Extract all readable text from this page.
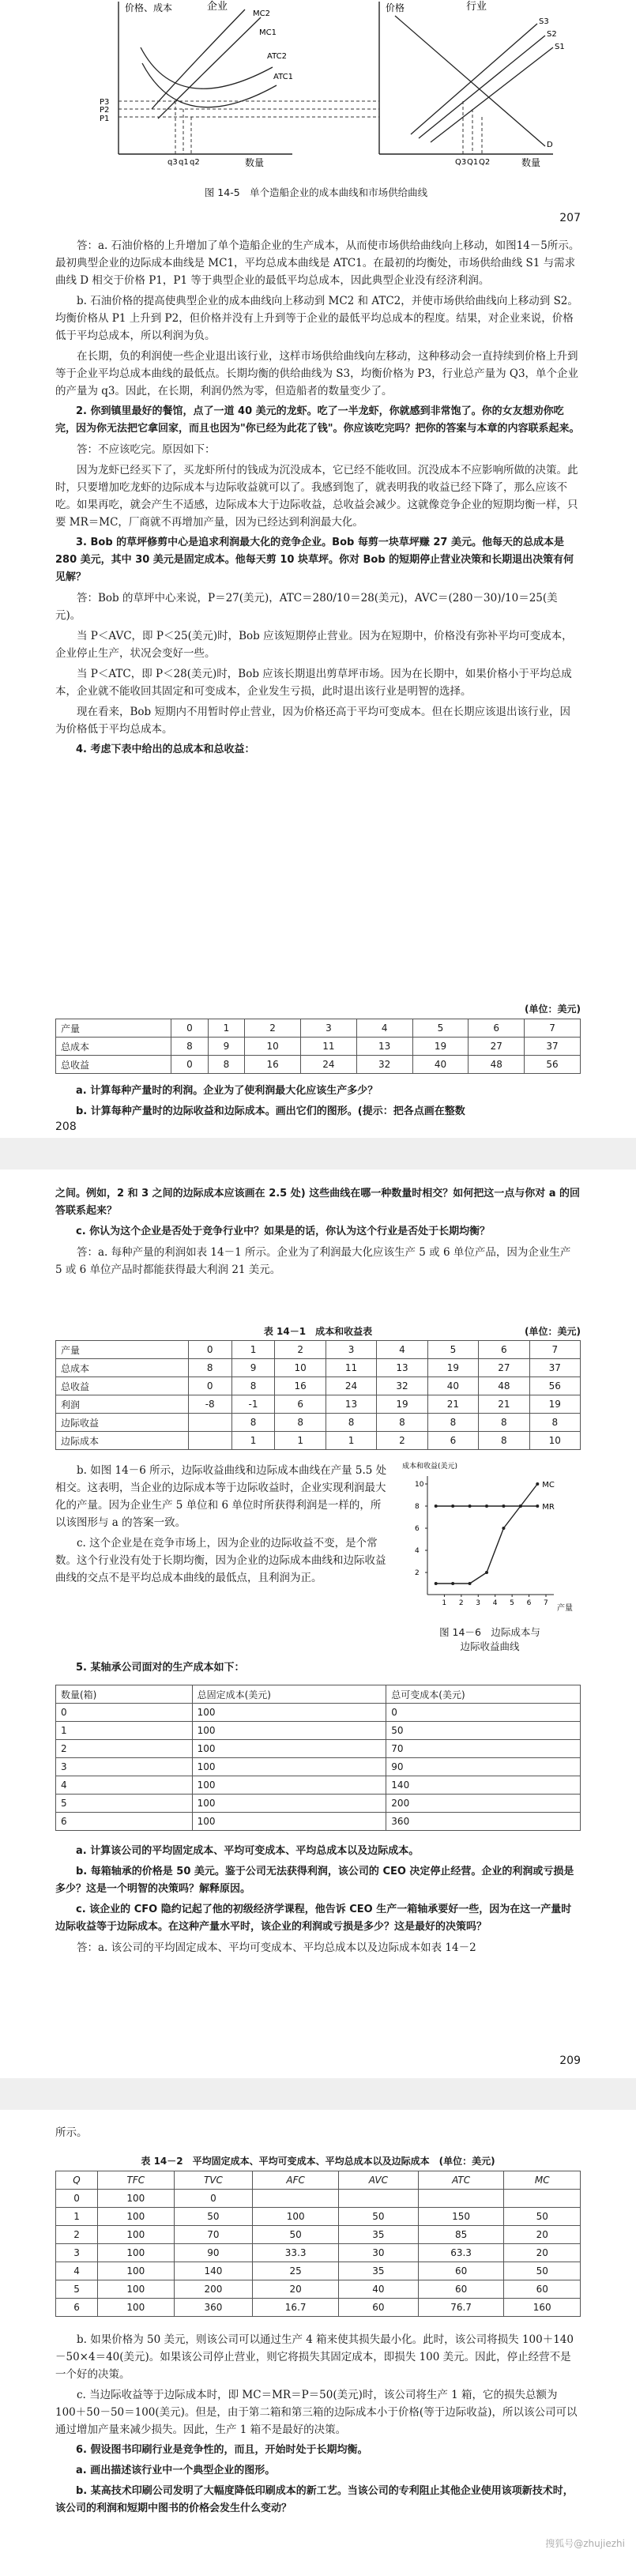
价格、成本	企业
MC2
MC1
ATC2
ATC1
P3
P2
P1
q3 q1 q2	数量
价格	行业
S3
S2
S1
D
Q3 Q1 Q2	数量
图 14-5　单个造船企业的成本曲线和市场供给曲线
207

答：a. 石油价格的上升增加了单个造船企业的生产成本，从而使市场供给曲线向上移动，如图14－5所示。最初典型企业的边际成本曲线是 MC1，平均总成本曲线是 ATC1。在最初的均衡处，市场供给曲线 S1 与需求曲线 D 相交于价格 P1，P1 等于典型企业的最低平均总成本，因此典型企业没有经济利润。

b. 石油价格的提高使典型企业的成本曲线向上移动到 MC2 和 ATC2，并使市场供给曲线向上移动到 S2。均衡价格从 P1 上升到 P2，但价格并没有上升到等于企业的最低平均总成本的程度。结果，对企业来说，价格低于平均总成本，所以利润为负。

在长期，负的利润使一些企业退出该行业，这样市场供给曲线向左移动，这种移动会一直持续到价格上升到等于企业平均总成本曲线的最低点。长期均衡的供给曲线为 S3，均衡价格为 P3，行业总产量为 Q3，单个企业的产量为 q3。因此，在长期，利润仍然为零，但造船者的数量变少了。

2. 你到镇里最好的餐馆，点了一道 40 美元的龙虾。吃了一半龙虾，你就感到非常饱了。你的女友想劝你吃完，因为你无法把它拿回家，而且也因为"你已经为此花了钱"。你应该吃完吗？把你的答案与本章的内容联系起来。

答：不应该吃完。原因如下：

因为龙虾已经买下了，买龙虾所付的钱成为沉没成本，它已经不能收回。沉没成本不应影响所做的决策。此时，只要增加吃龙虾的边际成本与边际收益就可以了。我感到饱了，就表明我的收益已经下降了，那么应该不吃。如果再吃，就会产生不适感，边际成本大于边际收益，总收益会减少。这就像竞争企业的短期均衡一样，只要 MR＝MC，厂商就不再增加产量，因为已经达到利润最大化。

3. Bob 的草坪修剪中心是追求利润最大化的竞争企业。Bob 每剪一块草坪赚 27 美元。他每天的总成本是 280 美元，其中 30 美元是固定成本。他每天剪 10 块草坪。你对 Bob 的短期停止营业决策和长期退出决策有何见解？

答：Bob 的草坪中心来说，P＝27(美元)，ATC＝280/10＝28(美元)，AVC＝(280－30)/10＝25(美元)。

当 P＜AVC，即 P＜25(美元)时，Bob 应该短期停止营业。因为在短期中，价格没有弥补平均可变成本，企业停止生产，状况会变好一些。

当 P＜ATC，即 P＜28(美元)时，Bob 应该长期退出剪草坪市场。因为在长期中，如果价格小于平均总成本，企业就不能收回其固定和可变成本，企业发生亏损，此时退出该行业是明智的选择。

现在看来，Bob 短期内不用暂时停止营业，因为价格还高于平均可变成本。但在长期应该退出该行业，因为价格低于平均总成本。

4. 考虑下表中给出的总成本和总收益：

(单位：美元)
产量	0	1	2	3	4	5	6	7
总成本	8	9	10	11	13	19	27	37
总收益	0	8	16	24	32	40	48	56

a. 计算每种产量时的利润。企业为了使利润最大化应该生产多少？

b. 计算每种产量时的边际收益和边际成本。画出它们的图形。(提示：把各点画在整数

208

之间。例如，2 和 3 之间的边际成本应该画在 2.5 处) 这些曲线在哪一种数量时相交？如何把这一点与你对 a 的回答联系起来？

c. 你认为这个企业是否处于竞争行业中？如果是的话，你认为这个行业是否处于长期均衡？

答：a. 每种产量的利润如表 14－1 所示。企业为了利润最大化应该生产 5 或 6 单位产品，因为企业生产 5 或 6 单位产品时都能获得最大利润 21 美元。

表 14－1　成本和收益表	(单位：美元)
产量	0	1	2	3	4	5	6	7
总成本	8	9	10	11	13	19	27	37
总收益	0	8	16	24	32	40	48	56
利润	-8	-1	6	13	19	21	21	19
边际收益		8	8	8	8	8	8	8
边际成本		1	1	1	2	6	8	10

b. 如图 14－6 所示，边际收益曲线和边际成本曲线在产量 5.5 处相交。这表明，当企业的边际成本等于边际收益时，企业实现利润最大化的产量。因为企业生产 5 单位和 6 单位时所获得利润是一样的，所以该图形与 a 的答案一致。

c. 这个企业是在竞争市场上，因为企业的边际收益不变，是个常数。这个行业没有处于长期均衡，因为企业的边际成本曲线和边际收益曲线的交点不是平均总成本曲线的最低点，且利润为正。

1 2 3 4 5 6 7
2
4
6
8
10	MC
MR
成本和收益(美元)
产量
图 14－6　边际成本与
边际收益曲线

5. 某轴承公司面对的生产成本如下：

数量(箱)	总固定成本(美元)	总可变成本(美元)
0	100	0
1	100	50
2	100	70
3	100	90
4	100	140
5	100	200
6	100	360

a. 计算该公司的平均固定成本、平均可变成本、平均总成本以及边际成本。

b. 每箱轴承的价格是 50 美元。鉴于公司无法获得利润，该公司的 CEO 决定停止经营。企业的利润或亏损是多少？这是一个明智的决策吗？解释原因。

c. 该企业的 CFO 隐约记起了他的初级经济学课程，他告诉 CEO 生产一箱轴承要好一些，因为在这一产量时边际收益等于边际成本。在这种产量水平时，该企业的利润或亏损是多少？这是最好的决策吗？

答：a. 该公司的平均固定成本、平均可变成本、平均总成本以及边际成本如表 14－2

209

所示。

表 14－2　平均固定成本、平均可变成本、平均总成本以及边际成本　(单位：美元)
Q	TFC	TVC	AFC	AVC	ATC	MC
0	100	0				
1	100	50	100	50	150	50
2	100	70	50	35	85	20
3	100	90	33.3	30	63.3	20
4	100	140	25	35	60	50
5	100	200	20	40	60	60
6	100	360	16.7	60	76.7	160

b. 如果价格为 50 美元，则该公司可以通过生产 4 箱来使其损失最小化。此时，该公司将损失 100＋140－50×4＝40(美元)。如果该公司停止营业，则它将损失其固定成本，即损失 100 美元。因此，停止经营不是一个好的决策。

c. 当边际收益等于边际成本时，即 MC＝MR＝P＝50(美元)时，该公司将生产 1 箱，它的损失总额为 100＋50－50＝100(美元)。但是，由于第二箱和第三箱的边际成本小于价格(等于边际收益)，所以该公司可以通过增加产量来减少损失。因此，生产 1 箱不是最好的决策。

6. 假设图书印刷行业是竞争性的，而且，开始时处于长期均衡。

a. 画出描述该行业中一个典型企业的图形。

b. 某高技术印刷公司发明了大幅度降低印刷成本的新工艺。当该公司的专利阻止其他企业使用该项新技术时，该公司的利润和短期中图书的价格会发生什么变动？

搜狐号@zhujiezhi
